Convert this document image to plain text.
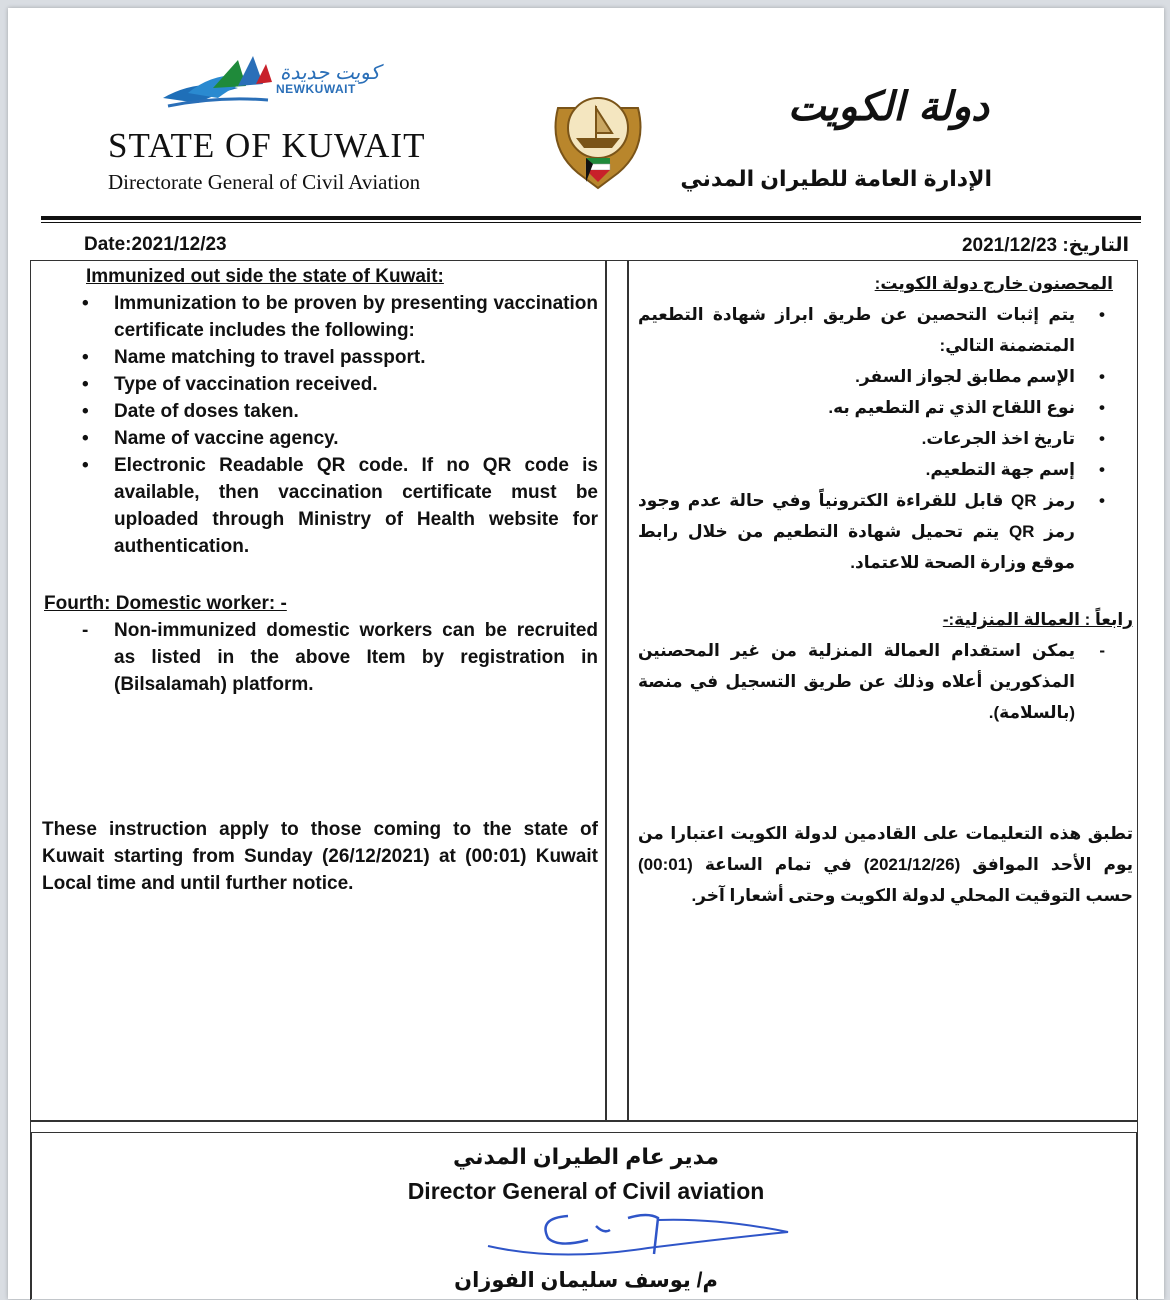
كويت جديدة
NEWKUWAIT
STATE OF KUWAIT
Directorate General of Civil Aviation
دولة الكويت
الإدارة العامة للطيران المدني
Date:2021/12/23	التاريخ: 2021/12/23
Immunized out side the state of Kuwait:
• Immunization to be proven by presenting vaccination certificate includes the following:
• Name matching to travel passport.
• Type of vaccination received.
• Date of doses taken.
• Name of vaccine agency.
• Electronic Readable QR code. If no QR code is available, then vaccination certificate must be uploaded through Ministry of Health website for authentication.
Fourth: Domestic worker: -
- Non-immunized domestic workers can be recruited as listed in the above Item by registration in (Bilsalamah) platform.
These instruction apply to those coming to the state of Kuwait starting from Sunday (26/12/2021) at (00:01) Kuwait Local time and until further notice.
المحصنون خارج دولة الكويت:
• يتم إثبات التحصين عن طريق ابراز شهادة التطعيم المتضمنة التالي:
• الإسم مطابق لجواز السفر.
• نوع اللقاح الذي تم التطعيم به.
• تاريخ اخذ الجرعات.
• إسم جهة التطعيم.
• رمز QR قابل للقراءة الكترونياً وفي حالة عدم وجود رمز QR يتم تحميل شهادة التطعيم من خلال رابط موقع وزارة الصحة للاعتماد.
رابعاً : العمالة المنزلية:-
- يمكن استقدام العمالة المنزلية من غير المحصنين المذكورين أعلاه وذلك عن طريق التسجيل في منصة (بالسلامة).
تطبق هذه التعليمات على القادمين لدولة الكويت اعتبارا من يوم الأحد الموافق (2021/12/26) في تمام الساعة (00:01) حسب التوقيت المحلي لدولة الكويت وحتى أشعارا آخر.
مدير عام الطيران المدني
Director General of Civil aviation
م/ يوسف سليمان الفوزان
